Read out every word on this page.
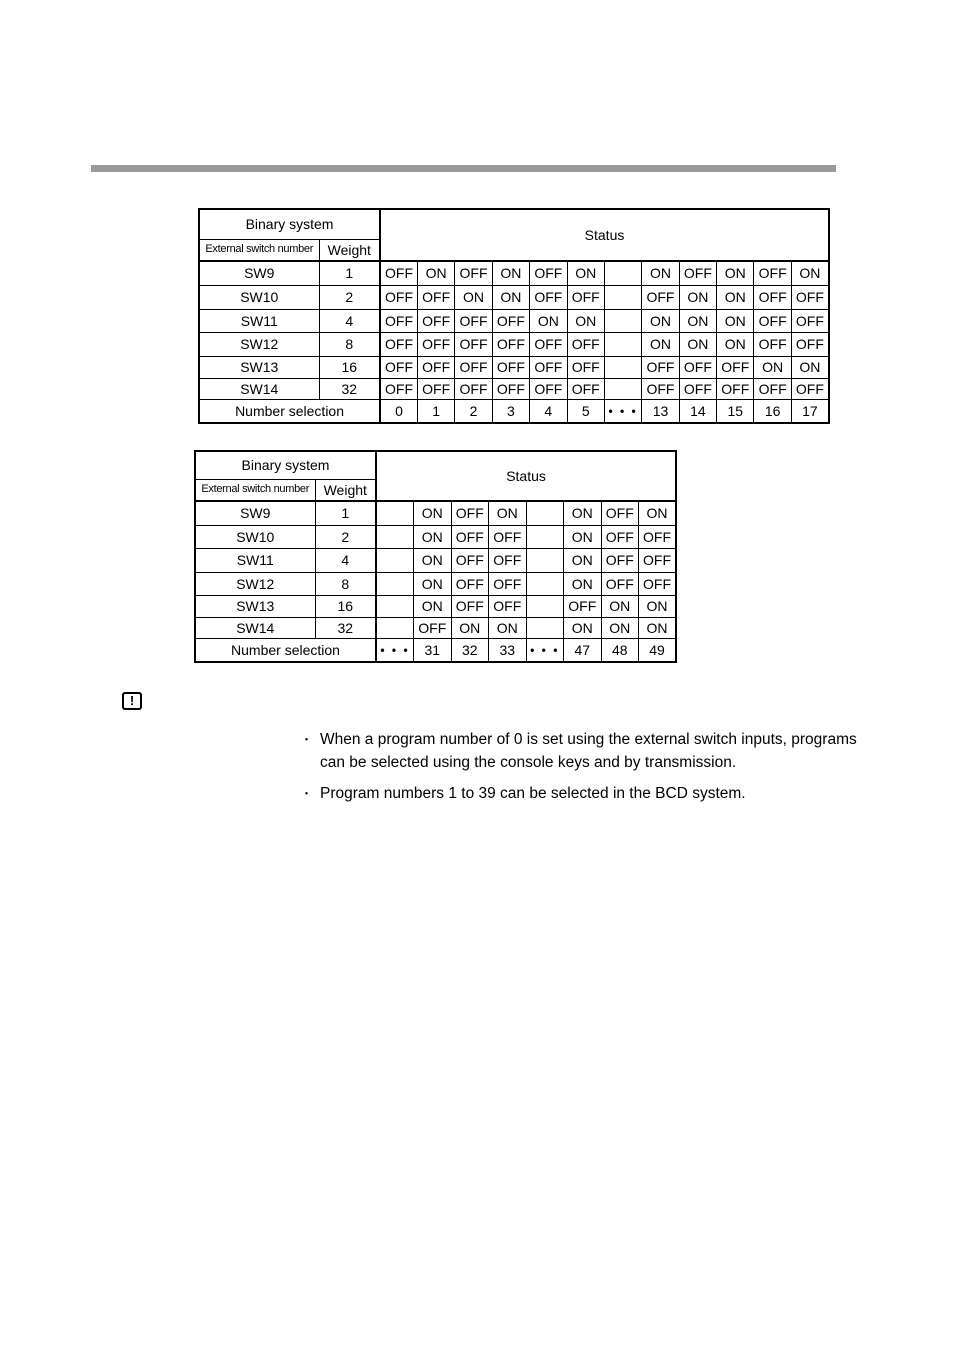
Binary system		Status											
External switch number	Weight												
SW9	1	OFF	ON	OFF	ON	OFF	ON		ON	OFF	ON	OFF	ON
SW10	2	OFF	OFF	ON	ON	OFF	OFF		OFF	ON	ON	OFF	OFF
SW11	4	OFF	OFF	OFF	OFF	ON	ON		ON	ON	ON	OFF	OFF
SW12	8	OFF	OFF	OFF	OFF	OFF	OFF		ON	ON	ON	OFF	OFF
SW13	16	OFF	OFF	OFF	OFF	OFF	OFF		OFF	OFF	OFF	ON	ON
SW14	32	OFF	OFF	OFF	OFF	OFF	OFF		OFF	OFF	OFF	OFF	OFF
Number selection		0	1	2	3	4	5	• • •	13	14	15	16	17
Binary system		Status							
External switch number	Weight								
SW9	1		ON	OFF	ON		ON	OFF	ON
SW10	2		ON	OFF	OFF		ON	OFF	OFF
SW11	4		ON	OFF	OFF		ON	OFF	OFF
SW12	8		ON	OFF	OFF		ON	OFF	OFF
SW13	16		ON	OFF	OFF		OFF	ON	ON
SW14	32		OFF	ON	ON		ON	ON	ON
Number selection		• • •	31	32	33	• • •	47	48	49
!
・ When a program number of 0 is set using the external switch inputs, programs can be selected using the console keys and by transmission.
・ Program numbers 1 to 39 can be selected in the BCD system.
